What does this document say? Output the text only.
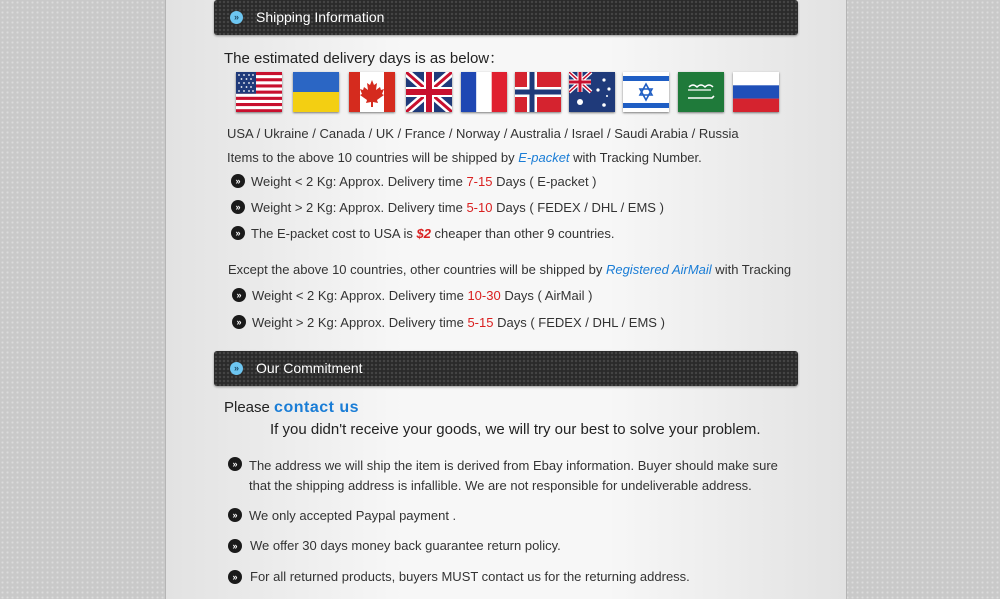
» Shipping Information
The estimated delivery days is as below：
USA / Ukraine / Canada / UK / France / Norway / Australia / Israel / Saudi Arabia / Russia
Items to the above 10 countries will be shipped by E-packet with Tracking Number.
» Weight < 2 Kg: Approx. Delivery time 7-15 Days ( E-packet )
» Weight > 2 Kg: Approx. Delivery time 5-10 Days ( FEDEX / DHL / EMS )
» The E-packet cost to USA is $2 cheaper than other 9 countries.
Except the above 10 countries, other countries will be shipped by Registered AirMail with Tracking
» Weight < 2 Kg: Approx. Delivery time 10-30 Days ( AirMail )
» Weight > 2 Kg: Approx. Delivery time 5-15 Days ( FEDEX / DHL / EMS )
» Our Commitment
Please contact us
If you didn't receive your goods, we will try our best to solve your problem.
» The address we will ship the item is derived from Ebay information. Buyer should make sure
that the shipping address is infallible. We are not responsible for undeliverable address.
» We only accepted Paypal payment .
» We offer 30 days money back guarantee return policy.
» For all returned products, buyers MUST contact us for the returning address.
